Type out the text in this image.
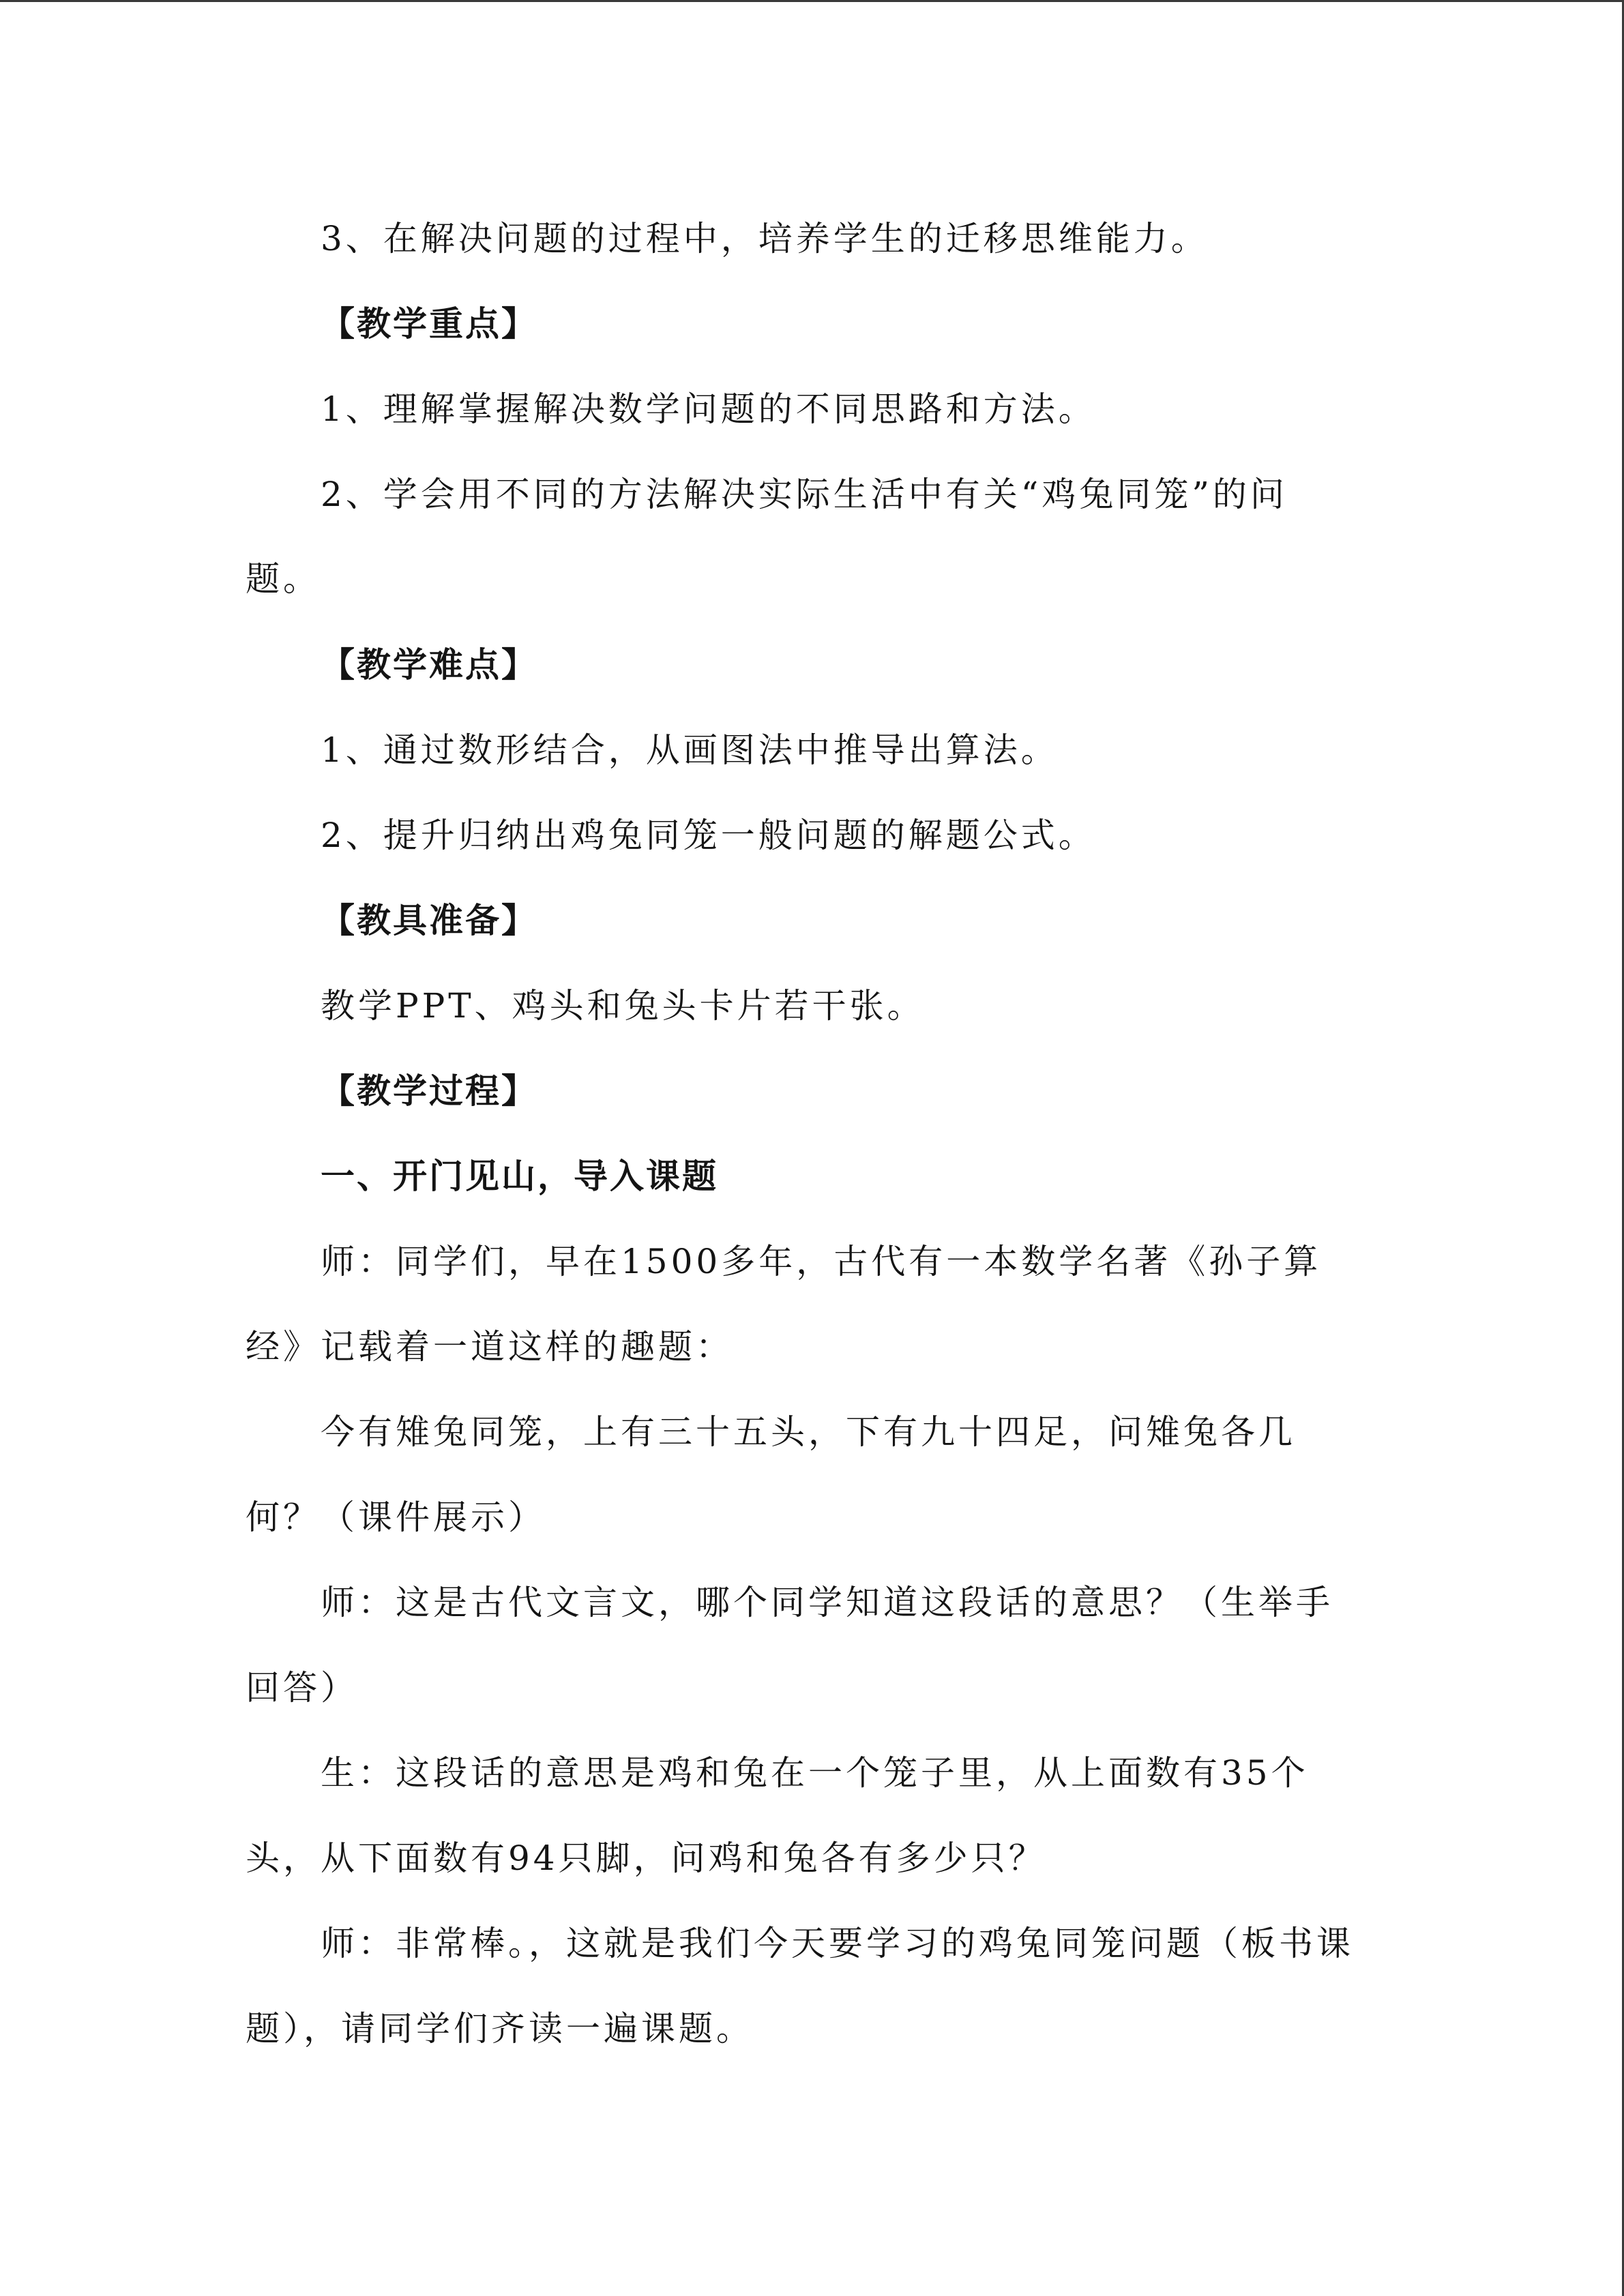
3、在解决问题的过程中，培养学生的迁移思维能力。

【教学重点】

1、理解掌握解决数学问题的不同思路和方法。

2、学会用不同的方法解决实际生活中有关“鸡兔同笼”的问

题。

【教学难点】

1、通过数形结合，从画图法中推导出算法。

2、提升归纳出鸡兔同笼一般问题的解题公式。

【教具准备】

教学PPT、鸡头和兔头卡片若干张。

【教学过程】

一、开门见山，导入课题

师：同学们，早在1500多年，古代有一本数学名著《孙子算

经》记载着一道这样的趣题：

今有雉兔同笼，上有三十五头，下有九十四足，问雉兔各几

何？（课件展示）

师：这是古代文言文，哪个同学知道这段话的意思？（生举手

回答）

生：这段话的意思是鸡和兔在一个笼子里，从上面数有35个

头，从下面数有94只脚，问鸡和兔各有多少只？

师：非常棒。，这就是我们今天要学习的鸡兔同笼问题（板书课

题），请同学们齐读一遍课题。
